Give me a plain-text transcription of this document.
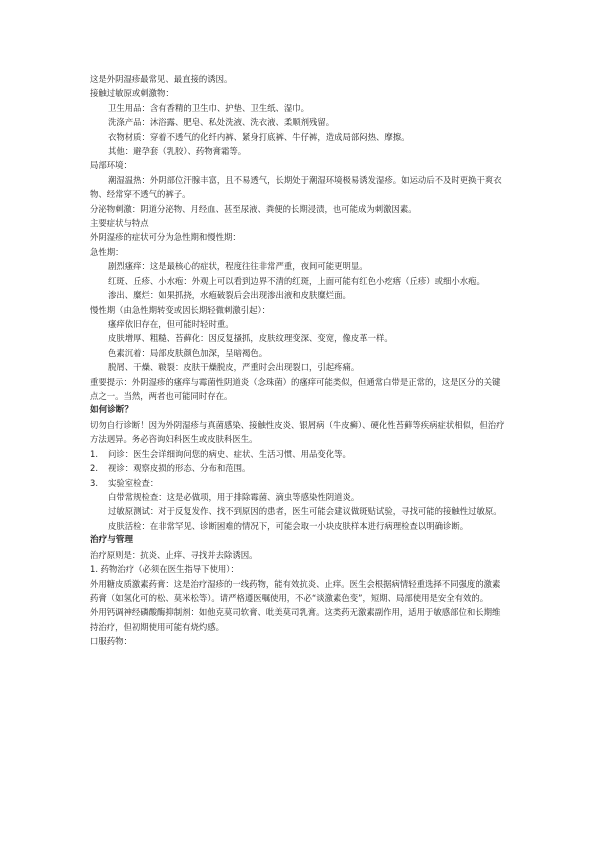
这是外阴湿疹最常见、最直接的诱因。

接触过敏原或刺激物：

卫生用品：含有香精的卫生巾、护垫、卫生纸、湿巾。

洗涤产品：沐浴露、肥皂、私处洗液、洗衣液、柔顺剂残留。

衣物材质：穿着不透气的化纤内裤、紧身打底裤、牛仔裤，造成局部闷热、摩擦。

其他：避孕套（乳胶）、药物膏霜等。

局部环境：

潮湿温热：外阴部位汗腺丰富，且不易透气，长期处于潮湿环境极易诱发湿疹。如运动后不及时更换干爽衣物、经常穿不透气的裤子。

分泌物刺激：阴道分泌物、月经血、甚至尿液、粪便的长期浸渍，也可能成为刺激因素。

主要症状与特点

外阴湿疹的症状可分为急性期和慢性期：

急性期：

剧烈瘙痒：这是最核心的症状，程度往往非常严重，夜间可能更明显。

红斑、丘疹、小水疱：外观上可以看到边界不清的红斑，上面可能有红色小疙瘩（丘疹）或细小水疱。

渗出、糜烂：如果抓挠，水疱破裂后会出现渗出液和皮肤糜烂面。

慢性期（由急性期转变或因长期轻微刺激引起）：

瘙痒依旧存在，但可能时轻时重。

皮肤增厚、粗糙、苔藓化：因反复搔抓，皮肤纹理变深、变宽，像皮革一样。

色素沉着：局部皮肤颜色加深，呈暗褐色。

脱屑、干燥、皲裂：皮肤干燥脱皮，严重时会出现裂口，引起疼痛。

重要提示：外阴湿疹的瘙痒与霉菌性阴道炎（念珠菌）的瘙痒可能类似，但通常白带是正常的，这是区分的关键点之一。当然，两者也可能同时存在。

如何诊断？

切勿自行诊断！因为外阴湿疹与真菌感染、接触性皮炎、银屑病（牛皮癣）、硬化性苔藓等疾病症状相似，但治疗方法迥异。务必咨询妇科医生或皮肤科医生。

1.	问诊：医生会详细询问您的病史、症状、生活习惯、用品变化等。
2.	视诊：观察皮损的形态、分布和范围。
3.	实验室检查：

白带常规检查：这是必做项，用于排除霉菌、滴虫等感染性阴道炎。

过敏原测试：对于反复发作、找不到原因的患者，医生可能会建议做斑贴试验，寻找可能的接触性过敏原。

皮肤活检：在非常罕见、诊断困难的情况下，可能会取一小块皮肤样本进行病理检查以明确诊断。

治疗与管理

治疗原则是：抗炎、止痒、寻找并去除诱因。

1. 药物治疗（必须在医生指导下使用）：

外用糖皮质激素药膏：这是治疗湿疹的一线药物，能有效抗炎、止痒。医生会根据病情轻重选择不同强度的激素药膏（如氢化可的松、莫米松等）。请严格遵医嘱使用，不必“谈激素色变”，短期、局部使用是安全有效的。

外用钙调神经磷酸酶抑制剂：如他克莫司软膏、吡美莫司乳膏。这类药无激素副作用，适用于敏感部位和长期维持治疗，但初期使用可能有烧灼感。

口服药物：
